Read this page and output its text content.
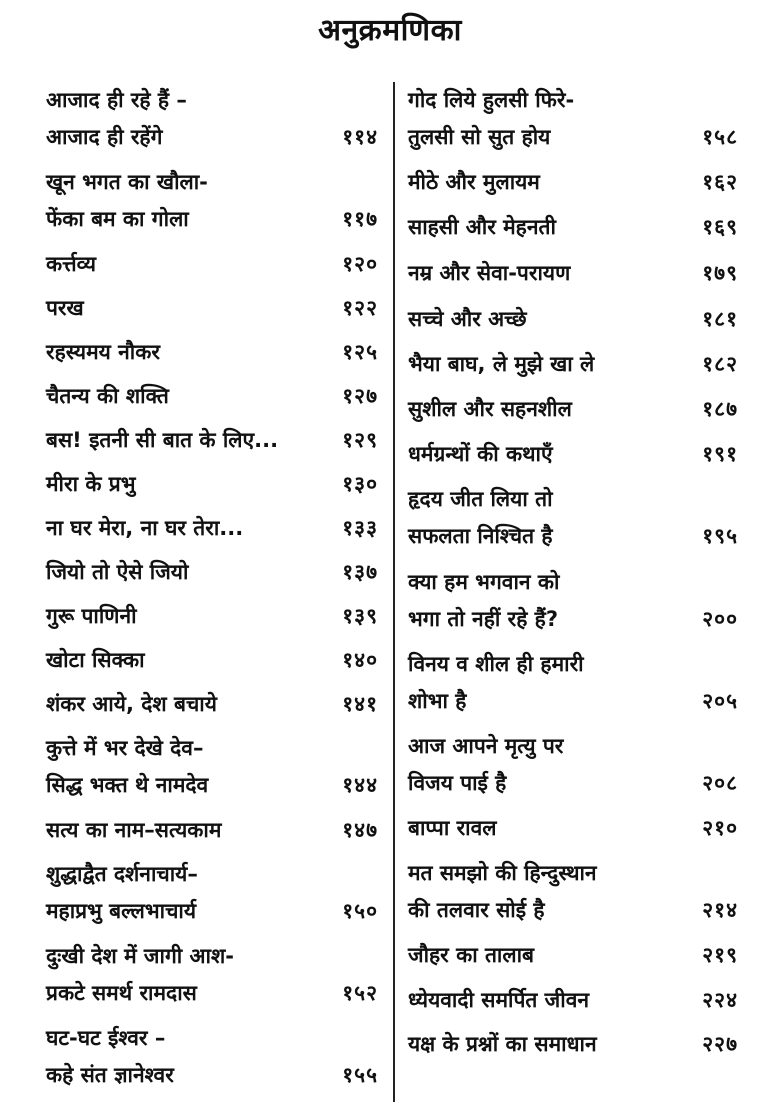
अनुक्रमणिका
आजाद ही रहे हैं –
आजाद ही रहेंगे	११४
खून भगत का खौला-
फेंका बम का गोला	११७
कर्त्तव्य	१२०
परख	१२२
रहस्यमय नौकर	१२५
चैतन्य की शक्ति	१२७
बस! इतनी सी बात के लिए...	१२९
मीरा के प्रभु	१३०
ना घर मेरा, ना घर तेरा...	१३३
जियो तो ऐसे जियो	१३७
गुरू पाणिनी	१३९
खोटा सिक्का	१४०
शंकर आये, देश बचाये	१४१
कुत्ते में भर देखे देव–
सिद्ध भक्त थे नामदेव	१४४
सत्य का नाम–सत्यकाम	१४७
शुद्धाद्वैत दर्शनाचार्य–
महाप्रभु बल्लभाचार्य	१५०
दुःखी देश में जागी आश-
प्रकटे समर्थ रामदास	१५२
घट-घट ईश्वर –
कहे संत ज्ञानेश्वर	१५५
गोद लिये हुलसी फिरे-
तुलसी सो सुत होय	१५८
मीठे और मुलायम	१६२
साहसी और मेहनती	१६९
नम्र और सेवा-परायण	१७९
सच्चे और अच्छे	१८१
भैया बाघ, ले मुझे खा ले	१८२
सुशील और सहनशील	१८७
धर्मग्रन्थों की कथाएँ	१९१
हृदय जीत लिया तो
सफलता निश्चित है	१९५
क्या हम भगवान को
भगा तो नहीं रहे हैं?	२००
विनय व शील ही हमारी
शोभा है	२०५
आज आपने मृत्यु पर
विजय पाई है	२०८
बाप्पा रावल	२१०
मत समझो की हिन्दुस्थान
की तलवार सोई है	२१४
जौहर का तालाब	२१९
ध्येयवादी समर्पित जीवन	२२४
यक्ष के प्रश्नों का समाधान	२२७
